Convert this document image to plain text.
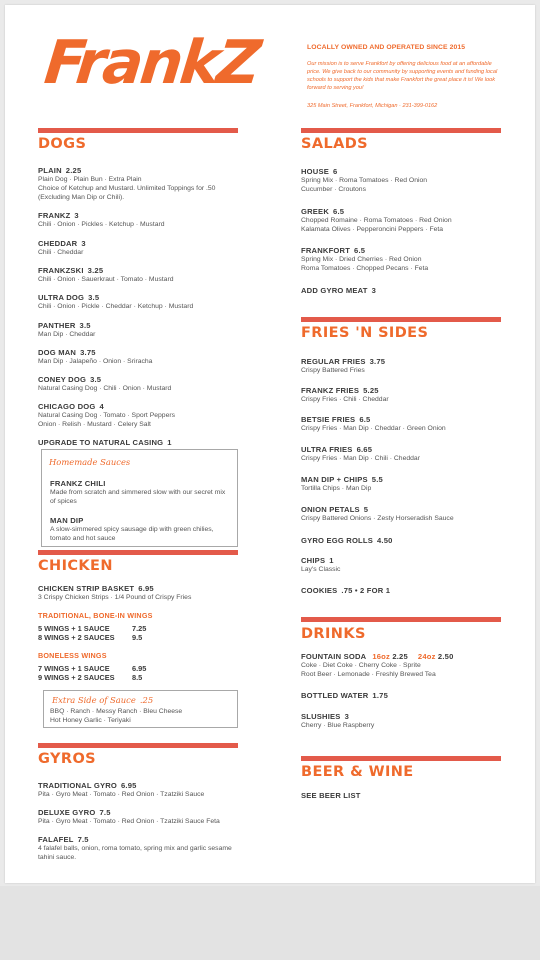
FrankZ	LOCALLY OWNED AND OPERATED SINCE 2015
Our mission is to serve Frankfort by offering delicious food at an affordable price. We give back to our community by supporting events and funding local schools to support the kids that make Frankfort the great place it is! We look forward to serving you!
325 Main Street, Frankfort, Michigan · 231-399-0162
DOGS
PLAIN 2.25
Plain Dog · Plain Bun · Extra Plain
Choice of Ketchup and Mustard. Unlimited Toppings for .50 (Excluding Man Dip or Chili).
FRANKZ 3
Chili · Onion · Pickles · Ketchup · Mustard
CHEDDAR 3
Chili · Cheddar
FRANKZSKI 3.25
Chili · Onion · Sauerkraut · Tomato · Mustard
ULTRA DOG 3.5
Chili · Onion · Pickle · Cheddar · Ketchup · Mustard
PANTHER 3.5
Man Dip · Cheddar
DOG MAN 3.75
Man Dip · Jalapeño · Onion · Sriracha
CONEY DOG 3.5
Natural Casing Dog · Chili · Onion · Mustard
CHICAGO DOG 4
Natural Casing Dog · Tomato · Sport Peppers
Onion · Relish · Mustard · Celery Salt
UPGRADE TO NATURAL CASING 1
Homemade Sauces
FRANKZ CHILI
Made from scratch and simmered slow with our secret mix of spices
MAN DIP
A slow-simmered spicy sausage dip with green chilies, tomato and hot sauce
CHICKEN
CHICKEN STRIP BASKET 6.95
3 Crispy Chicken Strips · 1/4 Pound of Crispy Fries
TRADITIONAL, BONE-IN WINGS
5 WINGS + 1 SAUCE	7.25
8 WINGS + 2 SAUCES 9.5
BONELESS WINGS
7 WINGS + 1 SAUCE	6.95
9 WINGS + 2 SAUCES 8.5
Extra Side of Sauce .25
BBQ · Ranch · Messy Ranch · Bleu Cheese
Hot Honey Garlic · Teriyaki
GYROS
TRADITIONAL GYRO 6.95
Pita · Gyro Meat · Tomato · Red Onion · Tzatziki Sauce
DELUXE GYRO 7.5
Pita · Gyro Meat · Tomato · Red Onion · Tzatziki Sauce Feta
FALAFEL 7.5
4 falafel balls, onion, roma tomato, spring mix and garlic sesame tahini sauce.
SALADS
HOUSE 6
Spring Mix · Roma Tomatoes · Red Onion
Cucumber · Croutons
GREEK 6.5
Chopped Romaine · Roma Tomatoes · Red Onion
Kalamata Olives · Pepperoncini Peppers · Feta
FRANKFORT 6.5
Spring Mix · Dried Cherries · Red Onion
Roma Tomatoes · Chopped Pecans · Feta
ADD GYRO MEAT 3
FRIES 'N SIDES
REGULAR FRIES 3.75
Crispy Battered Fries
FRANKZ FRIES 5.25
Crispy Fries · Chili · Cheddar
BETSIE FRIES 6.5
Crispy Fries · Man Dip · Cheddar · Green Onion
ULTRA FRIES 6.65
Crispy Fries · Man Dip · Chili · Cheddar
MAN DIP + CHIPS 5.5
Tortilla Chips · Man Dip
ONION PETALS 5
Crispy Battered Onions · Zesty Horseradish Sauce
GYRO EGG ROLLS 4.50
CHIPS 1
Lay's Classic
COOKIES .75 • 2 FOR 1
DRINKS
FOUNTAIN SODA 16oz 2.25 24oz 2.50
Coke · Diet Coke · Cherry Coke · Sprite
Root Beer · Lemonade · Freshly Brewed Tea
BOTTLED WATER 1.75
SLUSHIES 3
Cherry · Blue Raspberry
BEER & WINE
SEE BEER LIST
